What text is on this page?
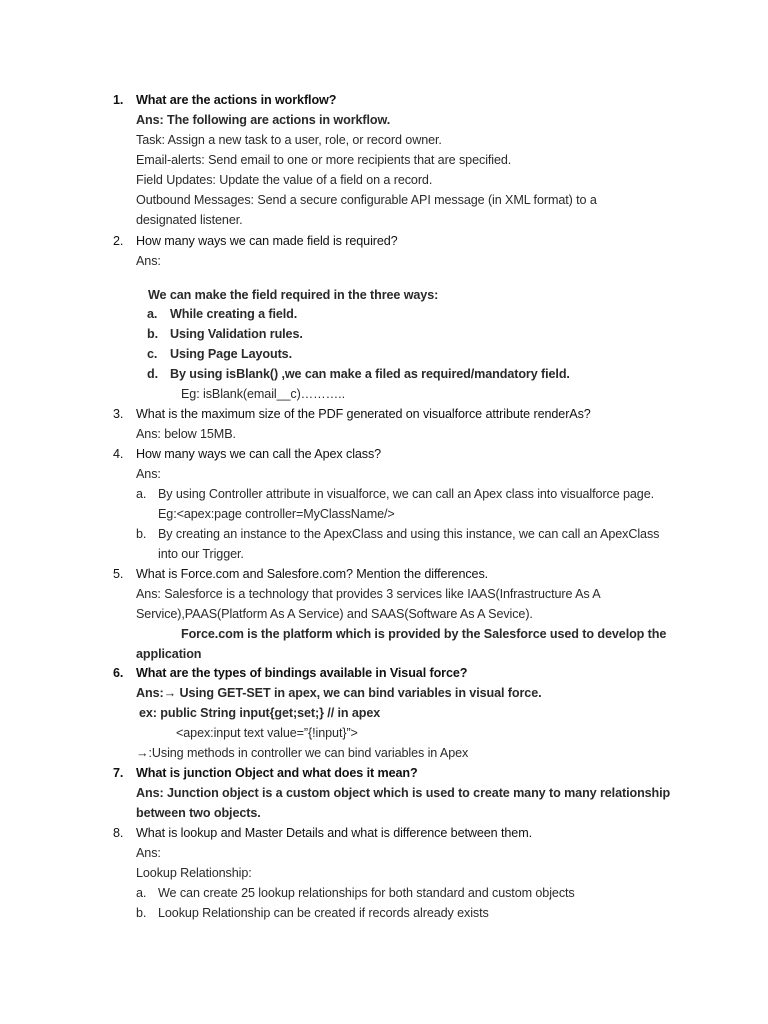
1. What are the actions in workflow?
Ans: The following are actions in workflow.
Task: Assign a new task to a user, role, or record owner.
Email-alerts: Send email to one or more recipients that are specified.
Field Updates: Update the value of a field on a record.
Outbound Messages: Send a secure configurable API message (in XML format) to a
designated listener.
2. How many ways we can made field is required?
Ans:
We can make the field required in the three ways:
a. While creating a field.
b. Using Validation rules.
c. Using Page Layouts.
d. By using isBlank() ,we can make a filed as required/mandatory field.
Eg: isBlank(email__c)………..
3. What is the maximum size of the PDF generated on visualforce attribute renderAs?
Ans: below 15MB.
4. How many ways we can call the Apex class?
Ans:
a. By using Controller attribute in visualforce, we can call an Apex class into visualforce page.
Eg:<apex:page controller=MyClassName/>
b. By creating an instance to the ApexClass and using this instance, we can call an ApexClass
into our Trigger.
5. What is Force.com and Salesfore.com? Mention the differences.
Ans: Salesforce is a technology that provides 3 services like IAAS(Infrastructure As A
Service),PAAS(Platform As A Service) and SAAS(Software As A Sevice).
Force.com is the platform which is provided by the Salesforce used to develop the
application
6. What are the types of bindings available in Visual force?
Ans:→ Using GET-SET in apex, we can bind variables in visual force.
ex: public String input{get;set;} // in apex
<apex:input text value=”{!input}”>
→:Using methods in controller we can bind variables in Apex
7. What is junction Object and what does it mean?
Ans: Junction object is a custom object which is used to create many to many relationship
between two objects.
8. What is lookup and Master Details and what is difference between them.
Ans:
Lookup Relationship:
a. We can create 25 lookup relationships for both standard and custom objects
b. Lookup Relationship can be created if records already exists
